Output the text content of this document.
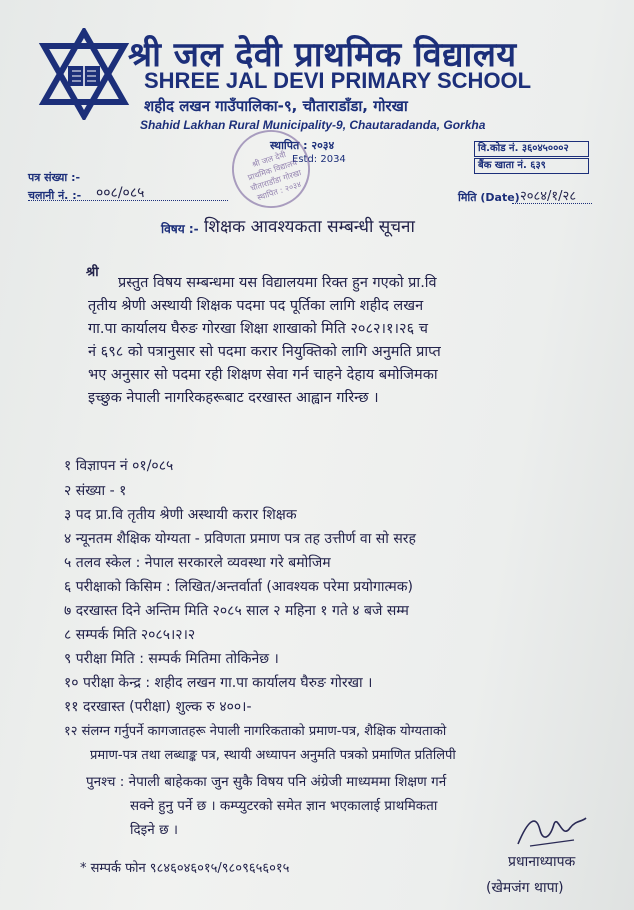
श्री जल देवी प्राथमिक विद्यालय
SHREE JAL DEVI PRIMARY SCHOOL
शहीद लखन गाउँपालिका-९, चौताराडाँडा, गोरखा
Shahid Lakhan Rural Municipality-9, Chautaradanda, Gorkha
स्थापित : २०३४
Estd: 2034
वि.कोड नं. ३६०४५०००२
बैंक खाता नं. ६३९
श्री जल देवी प्राथमिक विद्यालय चौताराडाँडा गोरखा स्थापित : २०३४
पत्र संख्या :-
चलानी नं. :- ००८/०८५	मिति (Date) २०८४/१/२८
विषय :- शिक्षक आवश्यकता सम्बन्धी सूचना
श्री
प्रस्तुत विषय सम्बन्धमा यस विद्यालयमा रिक्त हुन गएको प्रा.वि
तृतीय श्रेणी अस्थायी शिक्षक पदमा पद पूर्तिका लागि शहीद लखन
गा.पा कार्यालय घैरुङ गोरखा शिक्षा शाखाको मिति २०८२।१।२६ च
नं ६९८ को पत्रानुसार सो पदमा करार नियुक्तिको लागि अनुमति प्राप्त
भए अनुसार सो पदमा रही शिक्षण सेवा गर्न चाहने देहाय बमोजिमका
इच्छुक नेपाली नागरिकहरूबाट दरखास्त आह्वान गरिन्छ ।
१ विज्ञापन नं ०१/०८५
२ संख्या - १
३ पद प्रा.वि तृतीय श्रेणी अस्थायी करार शिक्षक
४ न्यूनतम शैक्षिक योग्यता - प्रविणता प्रमाण पत्र तह उत्तीर्ण वा सो सरह
५ तलव स्केल : नेपाल सरकारले व्यवस्था गरे बमोजिम
६ परीक्षाको किसिम : लिखित/अन्तर्वार्ता (आवश्यक परेमा प्रयोगात्मक)
७ दरखास्त दिने अन्तिम मिति २०८५ साल २ महिना १ गते ४ बजे सम्म
८ सम्पर्क मिति २०८५।२।२
९ परीक्षा मिति : सम्पर्क मितिमा तोकिनेछ ।
१० परीक्षा केन्द्र : शहीद लखन गा.पा कार्यालय घैरुङ गोरखा ।
११ दरखास्त (परीक्षा) शुल्क रु ४००।-
१२ संलग्न गर्नुपर्ने कागजातहरू नेपाली नागरिकताको प्रमाण-पत्र, शैक्षिक योग्यताको
प्रमाण-पत्र तथा लब्धाङ्क पत्र, स्थायी अध्यापन अनुमति पत्रको प्रमाणित प्रतिलिपी
पुनश्च : नेपाली बाहेकका जुन सुकै विषय पनि अंग्रेजी माध्यममा शिक्षण गर्न
सक्ने हुनु पर्ने छ । कम्प्युटरको समेत ज्ञान भएकालाई प्राथमिकता
दिइने छ ।
* सम्पर्क फोन ९८४६०४६०१५/९८०९६५६०१५	प्रधानाध्यापक
(खेमजंग थापा)
